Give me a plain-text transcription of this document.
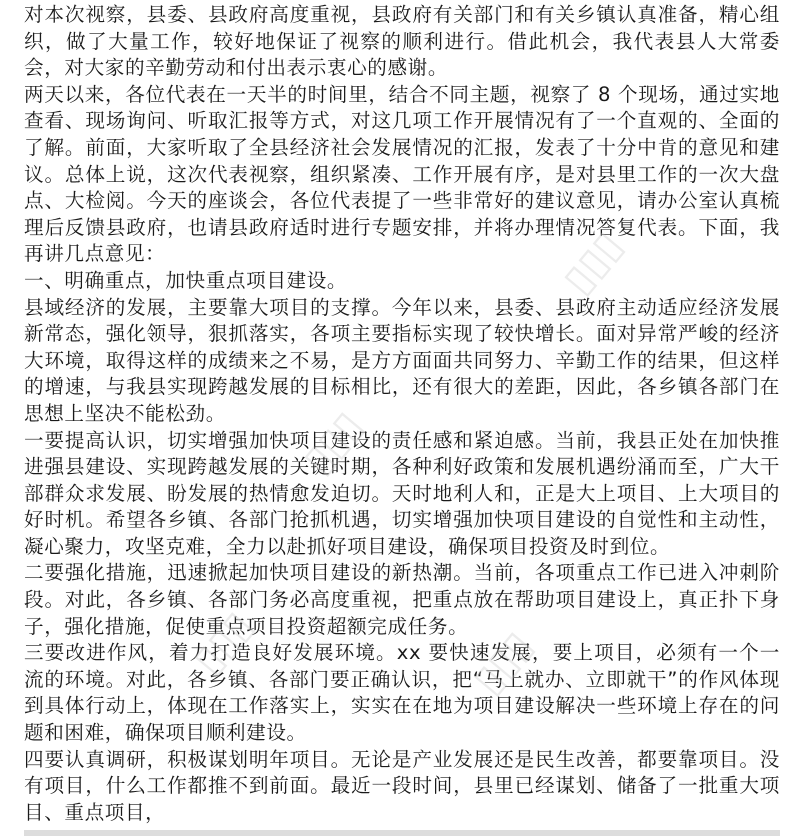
对本次视察，县委、县政府高度重视，县政府有关部门和有关乡镇认真准备，精心组织，做了大量工作，较好地保证了视察的顺利进行。借此机会，我代表县人大常委会，对大家的辛勤劳动和付出表示衷心的感谢。

两天以来，各位代表在一天半的时间里，结合不同主题，视察了 8 个现场，通过实地查看、现场询问、听取汇报等方式，对这几项工作开展情况有了一个直观的、全面的了解。前面，大家听取了全县经济社会发展情况的汇报，发表了十分中肯的意见和建议。总体上说，这次代表视察，组织紧凑、工作开展有序，是对县里工作的一次大盘点、大检阅。今天的座谈会，各位代表提了一些非常好的建议意见，请办公室认真梳理后反馈县政府，也请县政府适时进行专题安排，并将办理情况答复代表。下面，我再讲几点意见：

一、明确重点，加快重点项目建设。

县域经济的发展，主要靠大项目的支撑。今年以来，县委、县政府主动适应经济发展新常态，强化领导，狠抓落实，各项主要指标实现了较快增长。面对异常严峻的经济大环境，取得这样的成绩来之不易，是方方面面共同努力、辛勤工作的结果，但这样的增速，与我县实现跨越发展的目标相比，还有很大的差距，因此，各乡镇各部门在思想上坚决不能松劲。

一要提高认识，切实增强加快项目建设的责任感和紧迫感。当前，我县正处在加快推进强县建设、实现跨越发展的关键时期，各种利好政策和发展机遇纷涌而至，广大干部群众求发展、盼发展的热情愈发迫切。天时地利人和，正是大上项目、上大项目的好时机。希望各乡镇、各部门抢抓机遇，切实增强加快项目建设的自觉性和主动性，凝心聚力，攻坚克难，全力以赴抓好项目建设，确保项目投资及时到位。

二要强化措施，迅速掀起加快项目建设的新热潮。当前，各项重点工作已进入冲刺阶段。对此，各乡镇、各部门务必高度重视，把重点放在帮助项目建设上，真正扑下身子，强化措施，促使重点项目投资超额完成任务。

三要改进作风，着力打造良好发展环境。xx 要快速发展，要上项目，必须有一个一流的环境。对此，各乡镇、各部门要正确认识，把“马上就办、立即就干”的作风体现到具体行动上，体现在工作落实上，实实在在地为项目建设解决一些环境上存在的问题和困难，确保项目顺利建设。

四要认真调研，积极谋划明年项目。无论是产业发展还是民生改善，都要靠项目。没有项目，什么工作都推不到前面。最近一段时间，县里已经谋划、储备了一批重大项目、重点项目，

▯▯▯
▯▯▯
▯▯▯	▯▯▯
